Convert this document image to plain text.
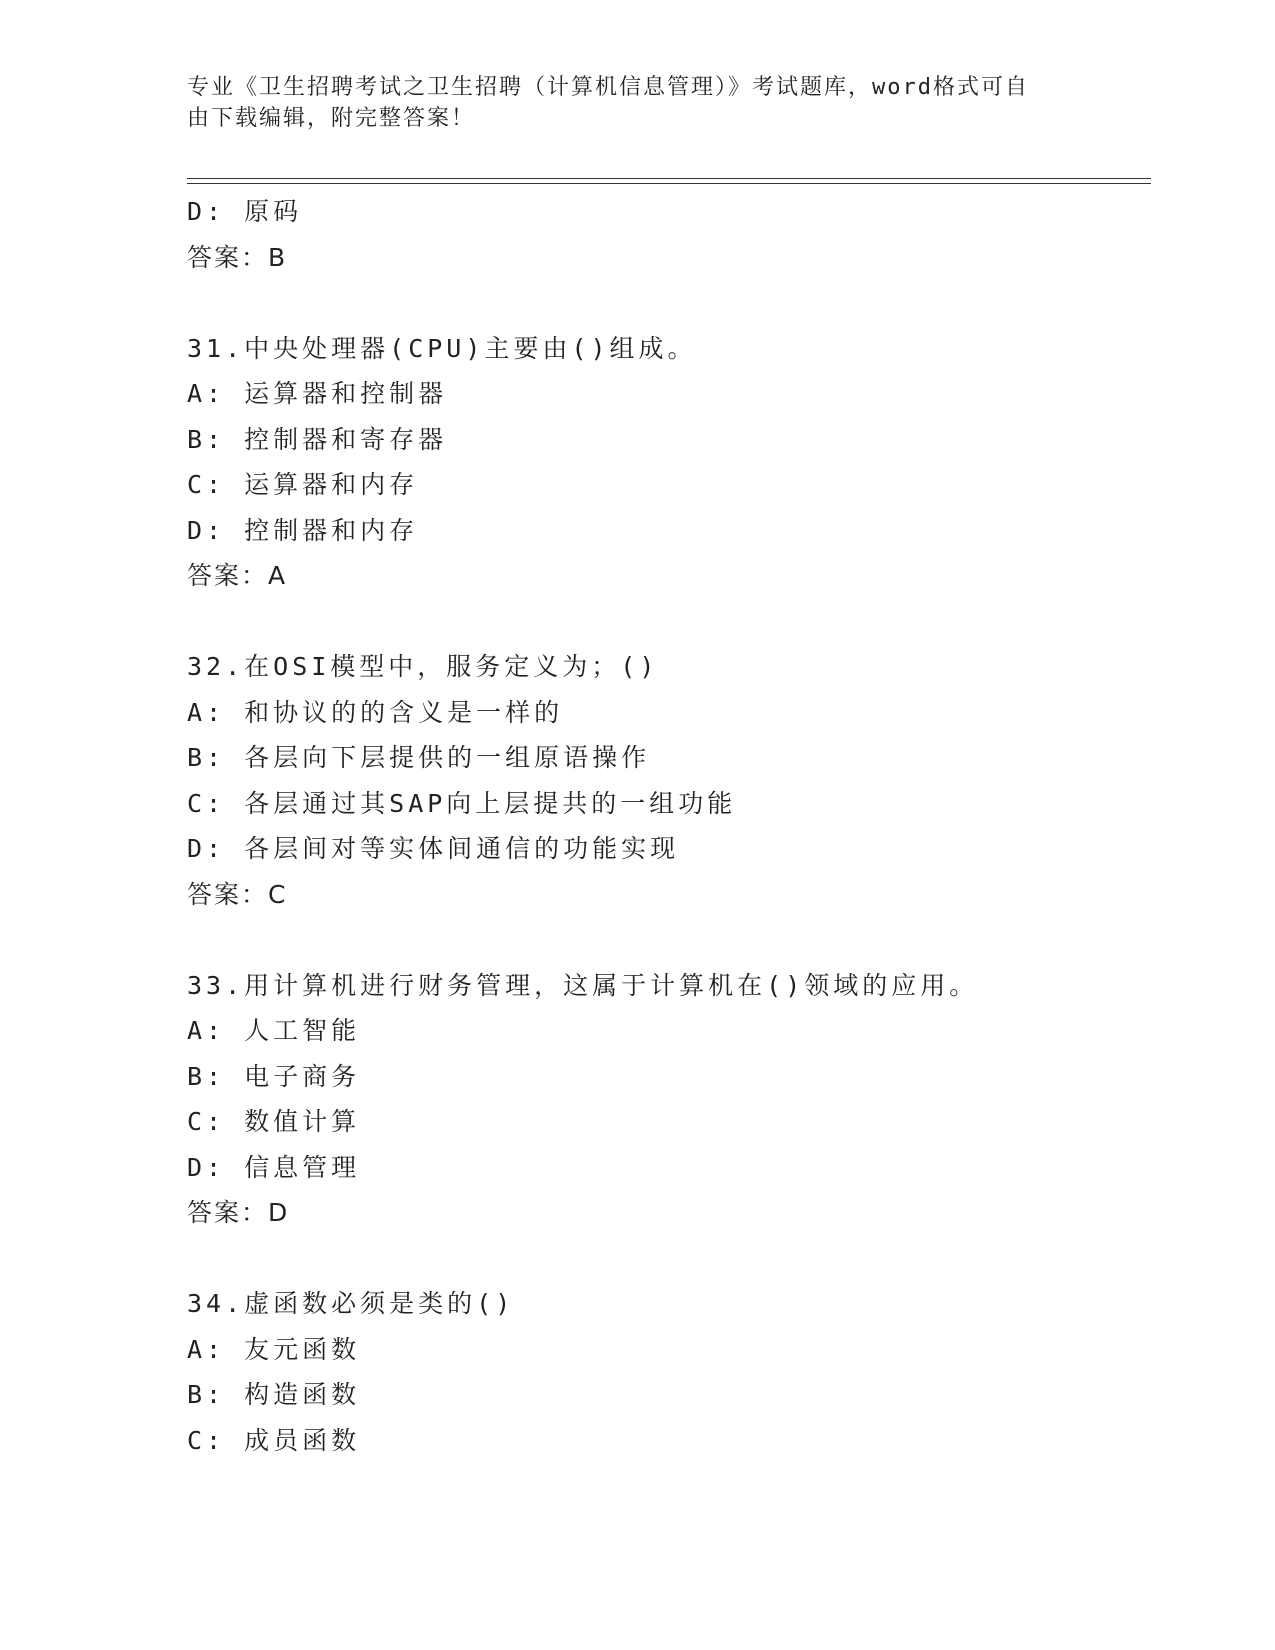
专业《卫生招聘考试之卫生招聘（计算机信息管理）》考试题库，word格式可自
由下载编辑，附完整答案！
D: 原码
答案：B
31.中央处理器(CPU)主要由()组成。
A: 运算器和控制器
B: 控制器和寄存器
C: 运算器和内存
D: 控制器和内存
答案：A
32.在OSI模型中，服务定义为；()
A: 和协议的的含义是一样的
B: 各层向下层提供的一组原语操作
C: 各层通过其SAP向上层提共的一组功能
D: 各层间对等实体间通信的功能实现
答案：C
33.用计算机进行财务管理，这属于计算机在()领域的应用。
A: 人工智能
B: 电子商务
C: 数值计算
D: 信息管理
答案：D
34.虚函数必须是类的()
A: 友元函数
B: 构造函数
C: 成员函数
